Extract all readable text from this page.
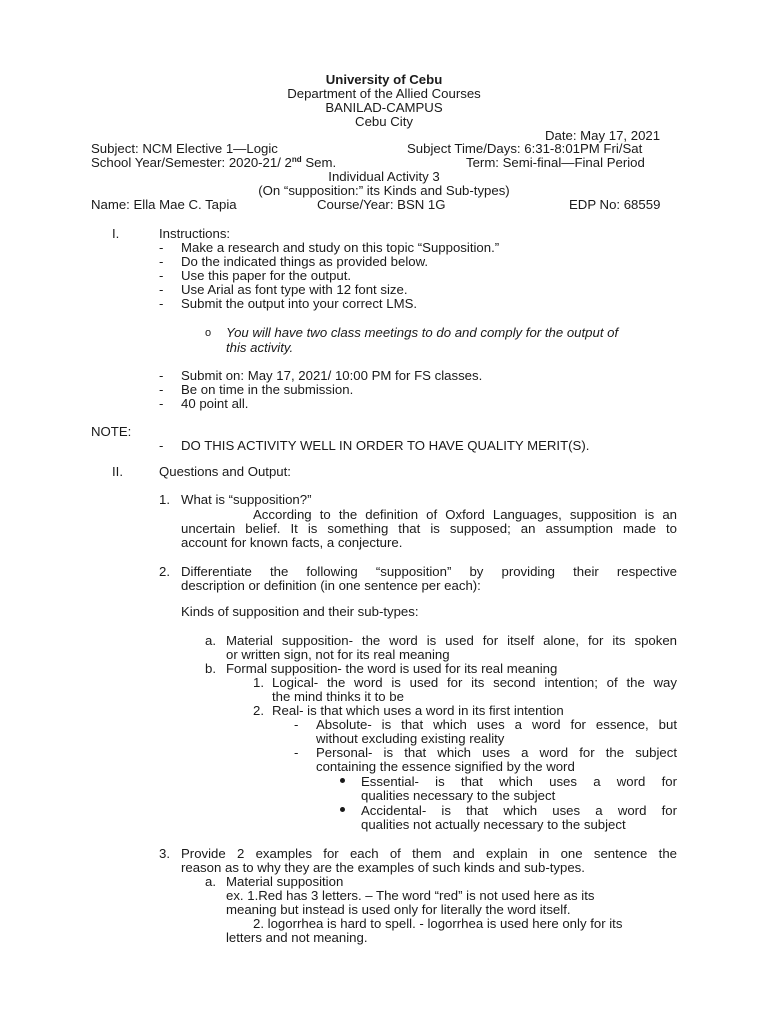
University of Cebu
Department of the Allied Courses
BANILAD-CAMPUS
Cebu City
Date: May 17, 2021
Subject: NCM Elective 1—Logic	Subject Time/Days: 6:31-8:01PM Fri/Sat
School Year/Semester: 2020-21/ 2nd Sem.	Term: Semi-final—Final Period
Individual Activity 3
(On “supposition:” its Kinds and Sub-types)
Name: Ella Mae C. Tapia	Course/Year: BSN 1G	EDP No: 68559
I.	Instructions:
- Make a research and study on this topic “Supposition.”
- Do the indicated things as provided below.
- Use this paper for the output.
- Use Arial as font type with 12 font size.
- Submit the output into your correct LMS.
o You will have two class meetings to do and comply for the output of
this activity.
- Submit on: May 17, 2021/ 10:00 PM for FS classes.
- Be on time in the submission.
- 40 point all.
NOTE:
- DO THIS ACTIVITY WELL IN ORDER TO HAVE QUALITY MERIT(S).
II.	Questions and Output:
1. What is “supposition?”
According to the definition of Oxford Languages, supposition is an
uncertain belief. It is something that is supposed; an assumption made to
account for known facts, a conjecture.
2. Differentiate the following “supposition” by providing their respective
description or definition (in one sentence per each):
Kinds of supposition and their sub-types:
a. Material supposition- the word is used for itself alone, for its spoken
or written sign, not for its real meaning
b. Formal supposition- the word is used for its real meaning
1. Logical- the word is used for its second intention; of the way
the mind thinks it to be
2. Real- is that which uses a word in its first intention
- Absolute- is that which uses a word for essence, but
without excluding existing reality
- Personal- is that which uses a word for the subject
containing the essence signified by the word
Essential- is that which uses a word for
qualities necessary to the subject
Accidental- is that which uses a word for
qualities not actually necessary to the subject
3. Provide 2 examples for each of them and explain in one sentence the
reason as to why they are the examples of such kinds and sub-types.
a. Material supposition
ex. 1.Red has 3 letters. – The word “red” is not used here as its
meaning but instead is used only for literally the word itself.
2. logorrhea is hard to spell. - logorrhea is used here only for its
letters and not meaning.
